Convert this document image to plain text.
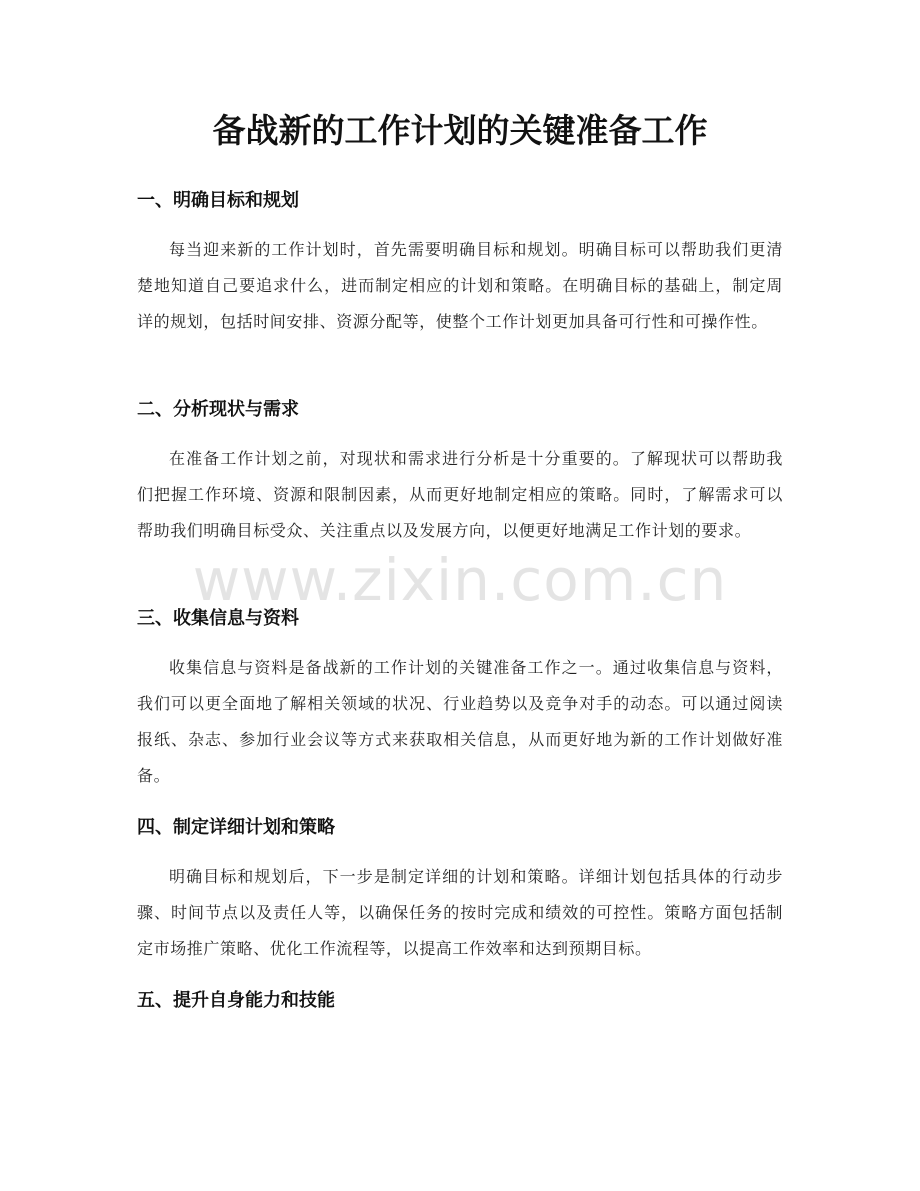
www.zixin.com.cn
备战新的工作计划的关键准备工作
一、明确目标和规划

每当迎来新的工作计划时，首先需要明确目标和规划。明确目标可以帮助我们更清楚地知道自己要追求什么，进而制定相应的计划和策略。在明确目标的基础上，制定周详的规划，包括时间安排、资源分配等，使整个工作计划更加具备可行性和可操作性。

二、分析现状与需求

在准备工作计划之前，对现状和需求进行分析是十分重要的。了解现状可以帮助我们把握工作环境、资源和限制因素，从而更好地制定相应的策略。同时，了解需求可以帮助我们明确目标受众、关注重点以及发展方向，以便更好地满足工作计划的要求。

三、收集信息与资料

收集信息与资料是备战新的工作计划的关键准备工作之一。通过收集信息与资料，我们可以更全面地了解相关领域的状况、行业趋势以及竞争对手的动态。可以通过阅读报纸、杂志、参加行业会议等方式来获取相关信息，从而更好地为新的工作计划做好准备。

四、制定详细计划和策略

明确目标和规划后，下一步是制定详细的计划和策略。详细计划包括具体的行动步骤、时间节点以及责任人等，以确保任务的按时完成和绩效的可控性。策略方面包括制定市场推广策略、优化工作流程等，以提高工作效率和达到预期目标。

五、提升自身能力和技能
